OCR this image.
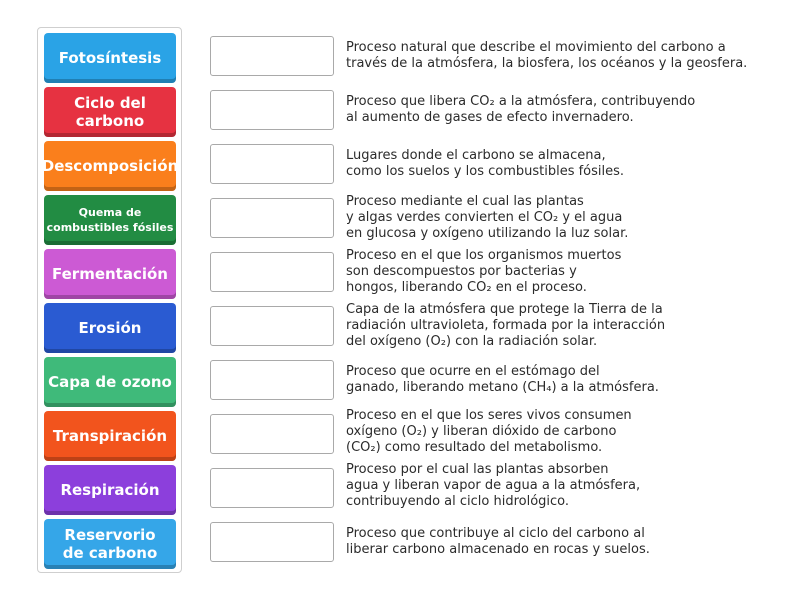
Fotosíntesis
Ciclo del
carbono
Descomposición
Quema de
combustibles fósiles
Fermentación
Erosión
Capa de ozono
Transpiración
Respiración
Reservorio
de carbono
Proceso natural que describe el movimiento del carbono a
través de la atmósfera, la biosfera, los océanos y la geosfera.
Proceso que libera CO₂ a la atmósfera, contribuyendo
al aumento de gases de efecto invernadero.
Lugares donde el carbono se almacena,
como los suelos y los combustibles fósiles.
Proceso mediante el cual las plantas
y algas verdes convierten el CO₂ y el agua
en glucosa y oxígeno utilizando la luz solar.
Proceso en el que los organismos muertos
son descompuestos por bacterias y
hongos, liberando CO₂ en el proceso.
Capa de la atmósfera que protege la Tierra de la
radiación ultravioleta, formada por la interacción
del oxígeno (O₂) con la radiación solar.
Proceso que ocurre en el estómago del
ganado, liberando metano (CH₄) a la atmósfera.
Proceso en el que los seres vivos consumen
oxígeno (O₂) y liberan dióxido de carbono
(CO₂) como resultado del metabolismo.
Proceso por el cual las plantas absorben
agua y liberan vapor de agua a la atmósfera,
contribuyendo al ciclo hidrológico.
Proceso que contribuye al ciclo del carbono al
liberar carbono almacenado en rocas y suelos.
